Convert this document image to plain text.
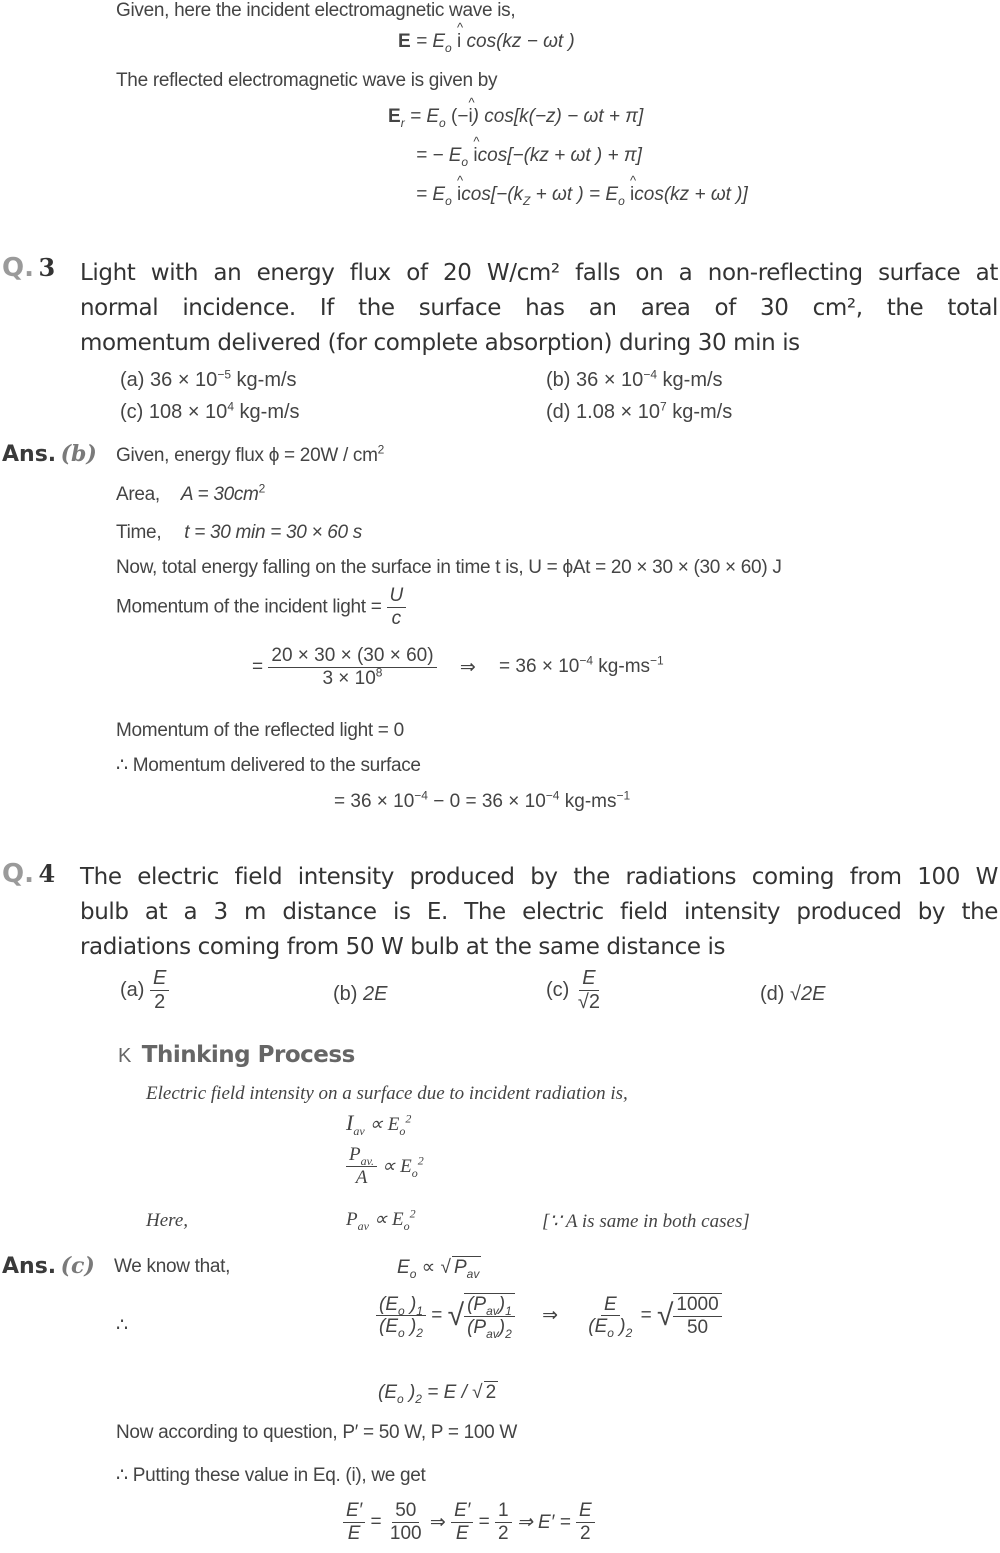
Given, here the incident electromagnetic wave is,
$E = E_o$ ^ i cos(kz − ωt )
The reflected electromagnetic wave is given by
$E_r = E_o$ (−^ i) cos[k(−z) − ωt + π]
= − $E_o$ ^ icos[−(kz + ωt ) + π]
= $E_o$ ^ $icos[-(k_Z + \omega t$ ) = $E_o$ ^ icos(kz + ωt )]
Q. 3 Light with an energy flux of 20 W/cm² falls on a non-reflecting surface at
normal incidence. If the surface has an area of 30 cm², the total
momentum delivered (for complete absorption) during 30 min is
(a) $36 \times 10^{-5}$ kg-m/s	(b) $36 \times 10^{-4}$ kg-m/s
(c) $108 \times 10^4$ kg-m/s	(d) $1.08 \times 10^7$ kg-m/s
Ans. (b) Given, energy flux $\phi = 20W / cm^2$
Area, $A = 30cm^2$
Time, t = 30 min = 30 × 60 s
Now, total energy falling on the surface in time t is, U = ϕAt = 20 × 30 × (30 × 60) J
Momentum of the incident light = $\frac{U}{c}$
= $\frac{20 \times 30 \times (30 \times 60)}{3 \times 10^8}$ ⇒ = $36 \times 10^{-4}$ $kg-ms^{-1}$
Momentum of the reflected light = 0
∴ Momentum delivered to the surface
= $36 \times 10^{-4} - 0 = 36 \times 10^{-4}$ $kg-ms^{-1}$
Q. 4 The electric field intensity produced by the radiations coming from 100 W
bulb at a 3 m distance is E. The electric field intensity produced by the
radiations coming from 50 W bulb at the same distance is
$(a) \frac{E}{2}$	(b) 2E	$(c) \frac{E}{√2}$	(d) √2E
K Thinking Process
Electric field intensity on a surface due to incident radiation is,
$I_{av} \propto E_o^2$
$\frac{P_{av.}}{A} \propto E_o^2$
Here,	$P_{av} \propto E_o^2$	[∵ A is same in both cases]
Ans. (c) We know that,	$E_o$ ∝ √ $P_{av}$
∴	$\frac{(E_o )_1}{(E_o )_2}$ = √ $\frac{(P_{av})_1}{(P_{av})_2}$ ⇒ $\frac{E}{(E_o )_2}$ = √ $\frac{1000}{50}$
($E_o$ )$_2 = E$ / √ 2
Now according to question, P′ = 50 W, P = 100 W
∴ Putting these value in Eq. (i), we get
$\frac{E'}{E} = \frac{50}{100}$ ⇒ $\frac{E'}{E} = \frac{1}{2}$ ⇒ $E' = \frac{E}{2}$
